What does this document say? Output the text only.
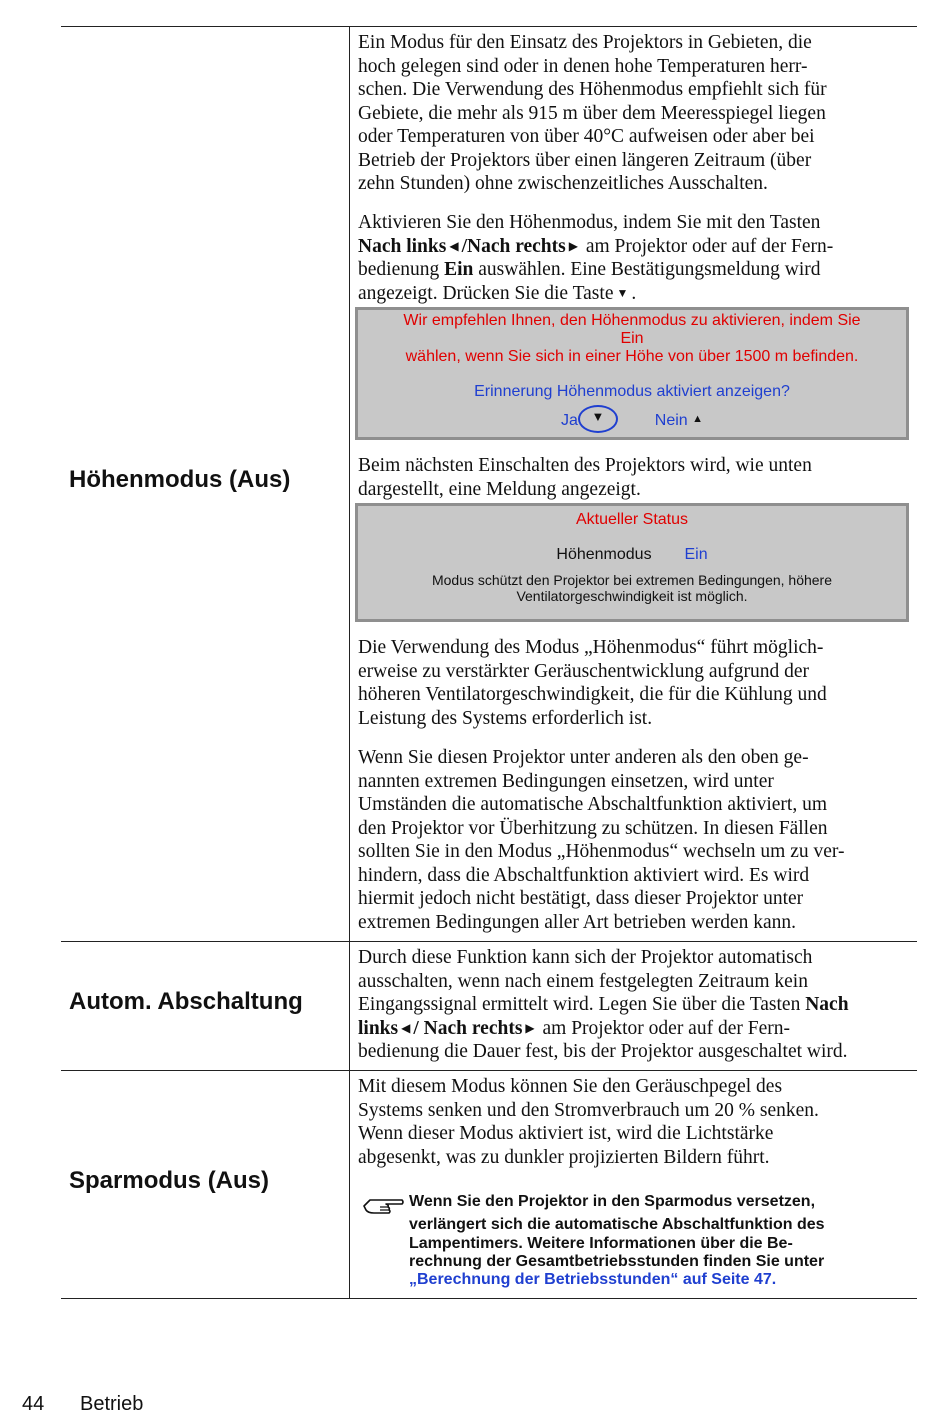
Höhenmodus (Aus)
Autom. Abschaltung
Sparmodus (Aus)

Ein Modus für den Einsatz des Projektors in Gebieten, die

hoch gelegen sind oder in denen hohe Temperaturen herr-

schen. Die Verwendung des Höhenmodus empfiehlt sich für

Gebiete, die mehr als 915 m über dem Meeresspiegel liegen

oder Temperaturen von über 40°C aufweisen oder aber bei

Betrieb der Projektors über einen längeren Zeitraum (über

zehn Stunden) ohne zwischenzeitliches Ausschalten.

Aktivieren Sie den Höhenmodus, indem Sie mit den Tasten

Nach links ◀ /Nach rechts ▶ am Projektor oder auf der Fern-

bedienung Ein auswählen. Eine Bestätigungsmeldung wird

angezeigt. Drücken Sie die Taste ▼ .

Wir empfehlen Ihnen, den Höhenmodus zu aktivieren, indem Sie
Ein
wählen, wenn Sie sich in einer Höhe von über 1500 m befinden.
Erinnerung Höhenmodus aktiviert anzeigen?
Ja ▼	Nein ▲

Beim nächsten Einschalten des Projektors wird, wie unten

dargestellt, eine Meldung angezeigt.

Aktueller Status
Höhenmodus Ein
Modus schützt den Projektor bei extremen Bedingungen, höhere
Ventilatorgeschwindigkeit ist möglich.

Die Verwendung des Modus „Höhenmodus“ führt möglich-

erweise zu verstärkter Geräuschentwicklung aufgrund der

höheren Ventilatorgeschwindigkeit, die für die Kühlung und

Leistung des Systems erforderlich ist.

Wenn Sie diesen Projektor unter anderen als den oben ge-

nannten extremen Bedingungen einsetzen, wird unter

Umständen die automatische Abschaltfunktion aktiviert, um

den Projektor vor Überhitzung zu schützen. In diesen Fällen

sollten Sie in den Modus „Höhenmodus“ wechseln um zu ver-

hindern, dass die Abschaltfunktion aktiviert wird. Es wird

hiermit jedoch nicht bestätigt, dass dieser Projektor unter

extremen Bedingungen aller Art betrieben werden kann.

Durch diese Funktion kann sich der Projektor automatisch

ausschalten, wenn nach einem festgelegten Zeitraum kein

Eingangssignal ermittelt wird. Legen Sie über die Tasten Nach

links ◀ / Nach rechts ▶ am Projektor oder auf der Fern-

bedienung die Dauer fest, bis der Projektor ausgeschaltet wird.

Mit diesem Modus können Sie den Geräuschpegel des

Systems senken und den Stromverbrauch um 20 % senken.

Wenn dieser Modus aktiviert ist, wird die Lichtstärke

abgesenkt, was zu dunkler projizierten Bildern führt.

Wenn Sie den Projektor in den Sparmodus versetzen,
verlängert sich die automatische Abschaltfunktion des
Lampentimers. Weitere Informationen über die Be-
rechnung der Gesamtbetriebsstunden finden Sie unter
„Berechnung der Betriebsstunden“ auf Seite 47.
44 Betrieb
